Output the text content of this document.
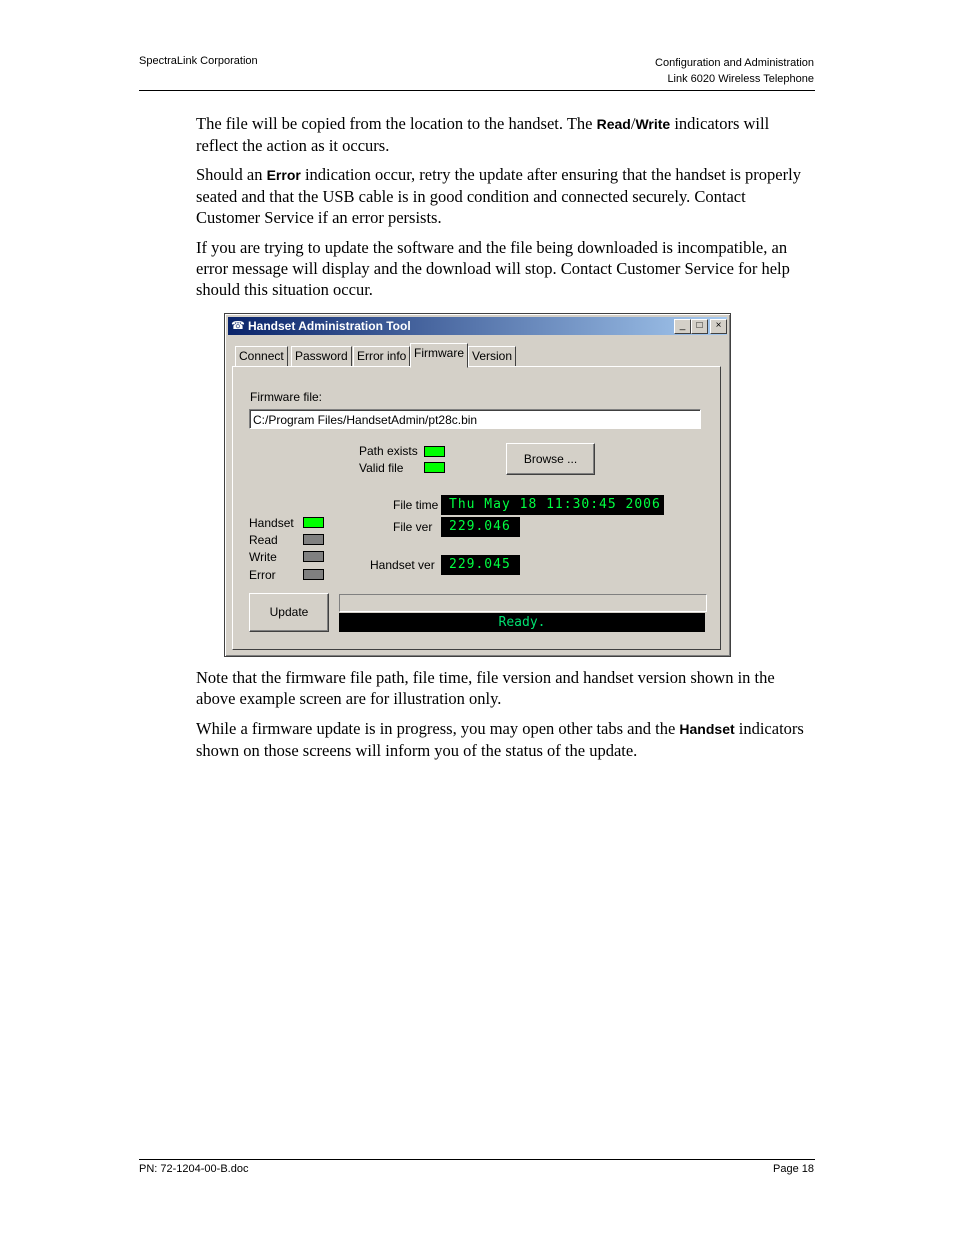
SpectraLink Corporation	Configuration and Administration
Link 6020 Wireless Telephone
The file will be copied from the location to the handset. The Read/Write indicators will reflect the action as it occurs.
Should an Error indication occur, retry the update after ensuring that the handset is properly seated and that the USB cable is in good condition and connected securely. Contact Customer Service if an error persists.
If you are trying to update the software and the file being downloaded is incompatible, an error message will display and the download will stop. Contact Customer Service for help should this situation occur.
☎ Handset Administration Tool	_	□	×
Connect Password Error info Firmware Version
Firmware file:
C:/Program Files/HandsetAdmin/pt28c.bin
Path exists
Valid file
Browse ...
File time Thu May 18 11:30:45 2006
File ver	229.046
Handset ver	229.045
Handset
Read
Write
Error
Update
Ready.
Note that the firmware file path, file time, file version and handset version shown in the above example screen are for illustration only.
While a firmware update is in progress, you may open other tabs and the Handset indicators shown on those screens will inform you of the status of the update.
PN: 72-1204-00-B.doc	Page 18
